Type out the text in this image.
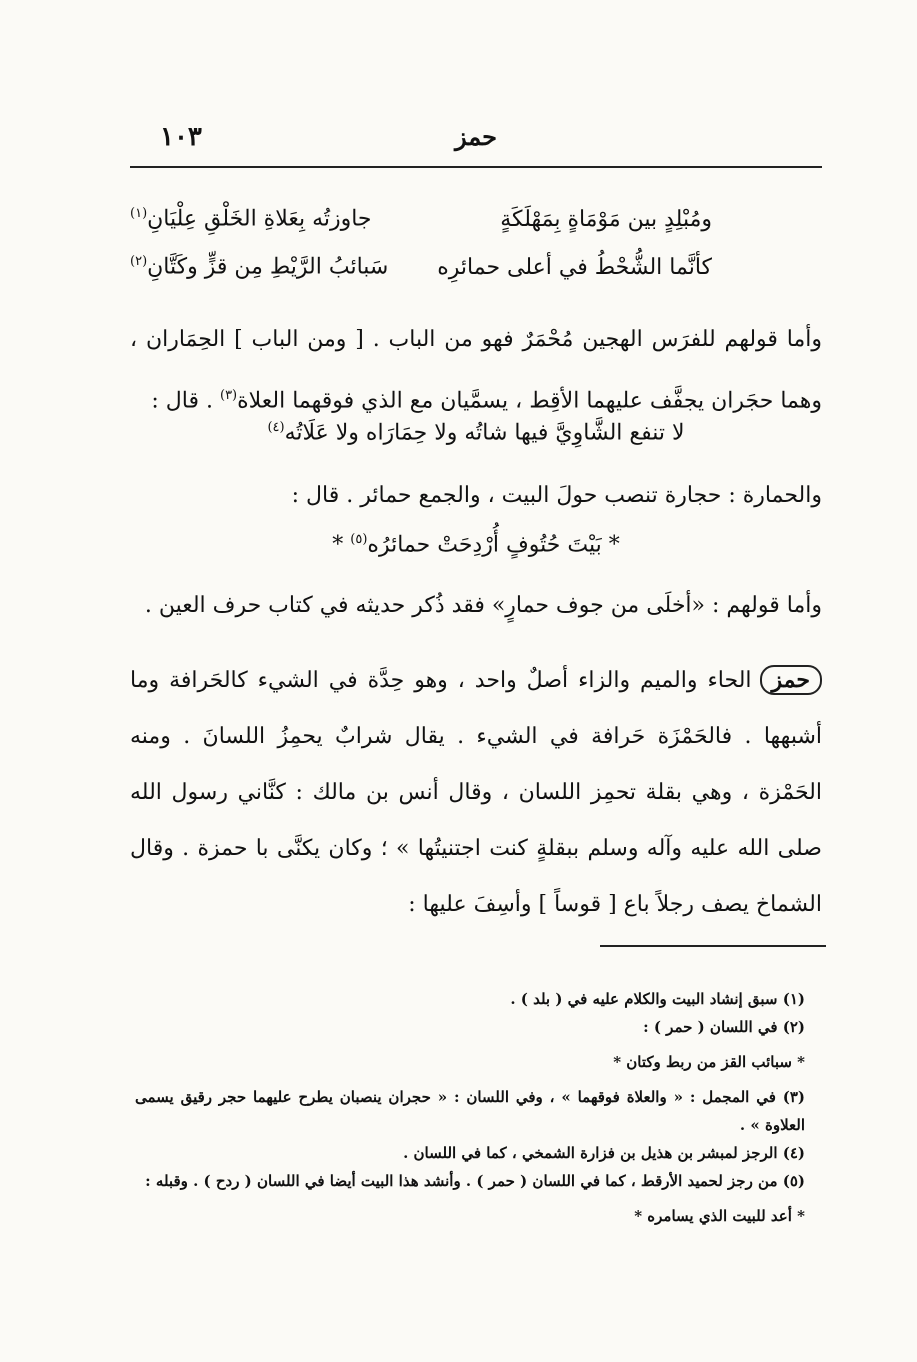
١٠٣	حمز
ومُبْلِدٍ بين مَوْمَاةٍ بِمَهْلَكَةٍ
جاوزتُه بِعَلاةِ الخَلْقِ عِلْيَانِ$^{(١)}$
كأنَّما الشُّحْطُ في أعلى حمائرِه
سَبائبُ الرَّيْطِ مِن قزٍّ وكَتَّانِ$^{(٢)}$
وأما قولهم للفرَس الهجين مُحْمَرٌ فهو من الباب . [ ومن الباب ] الحِمَاران ، وهما حجَران يجفَّف عليهما الأقِط ، يسمَّيان مع الذي فوقهما العلاة$^{(٣)}$ . قال :
لا تنفع الشَّاوِيَّ فيها شاتُه ولا حِمَارَاه ولا عَلَاتُه$^{(٤)}$
والحمارة : حجارة تنصب حولَ البيت ، والجمع حمائر . قال :
* بَيْتَ حُتُوفٍ أُرْدِحَتْ حمائرُه$^{(٥)}$ *
وأما قولهم : «أخلَى من جوف حمارٍ» فقد ذُكر حديثه في كتاب حرف العين .
حمزالحاء والميم والزاء أصلٌ واحد ، وهو حِدَّة في الشيء كالحَرافة وما أشبهها . فالحَمْزَة حَرافة في الشيء . يقال شرابٌ يحمِزُ اللسانَ . ومنه الحَمْزة ، وهي بقلة تحمِز اللسان ، وقال أنس بن مالك : كنَّاني رسول الله صلى الله عليه وآله وسلم ببقلةٍ كنت اجتنيتُها » ؛ وكان يكنَّى با حمزة . وقال الشماخ يصف رجلاً باع [ قوساً ] وأسِفَ عليها :
(١) سبق إنشاد البيت والكلام عليه في ( بلد ) .
(٢) في اللسان ( حمر ) :
* سبائب القز من ربط وكتان *
(٣) في المجمل : « والعلاة فوقهما » ، وفي اللسان : « حجران ينصبان يطرح عليهما حجر رقيق يسمى العلاوة » .
(٤) الرجز لمبشر بن هذيل بن فزارة الشمخي ، كما في اللسان .
(٥) من رجز لحميد الأرقط ، كما في اللسان ( حمر ) . وأنشد هذا البيت أيضا في اللسان ( ردح ) . وقبله :
* أعد للبيت الذي يسامره *
